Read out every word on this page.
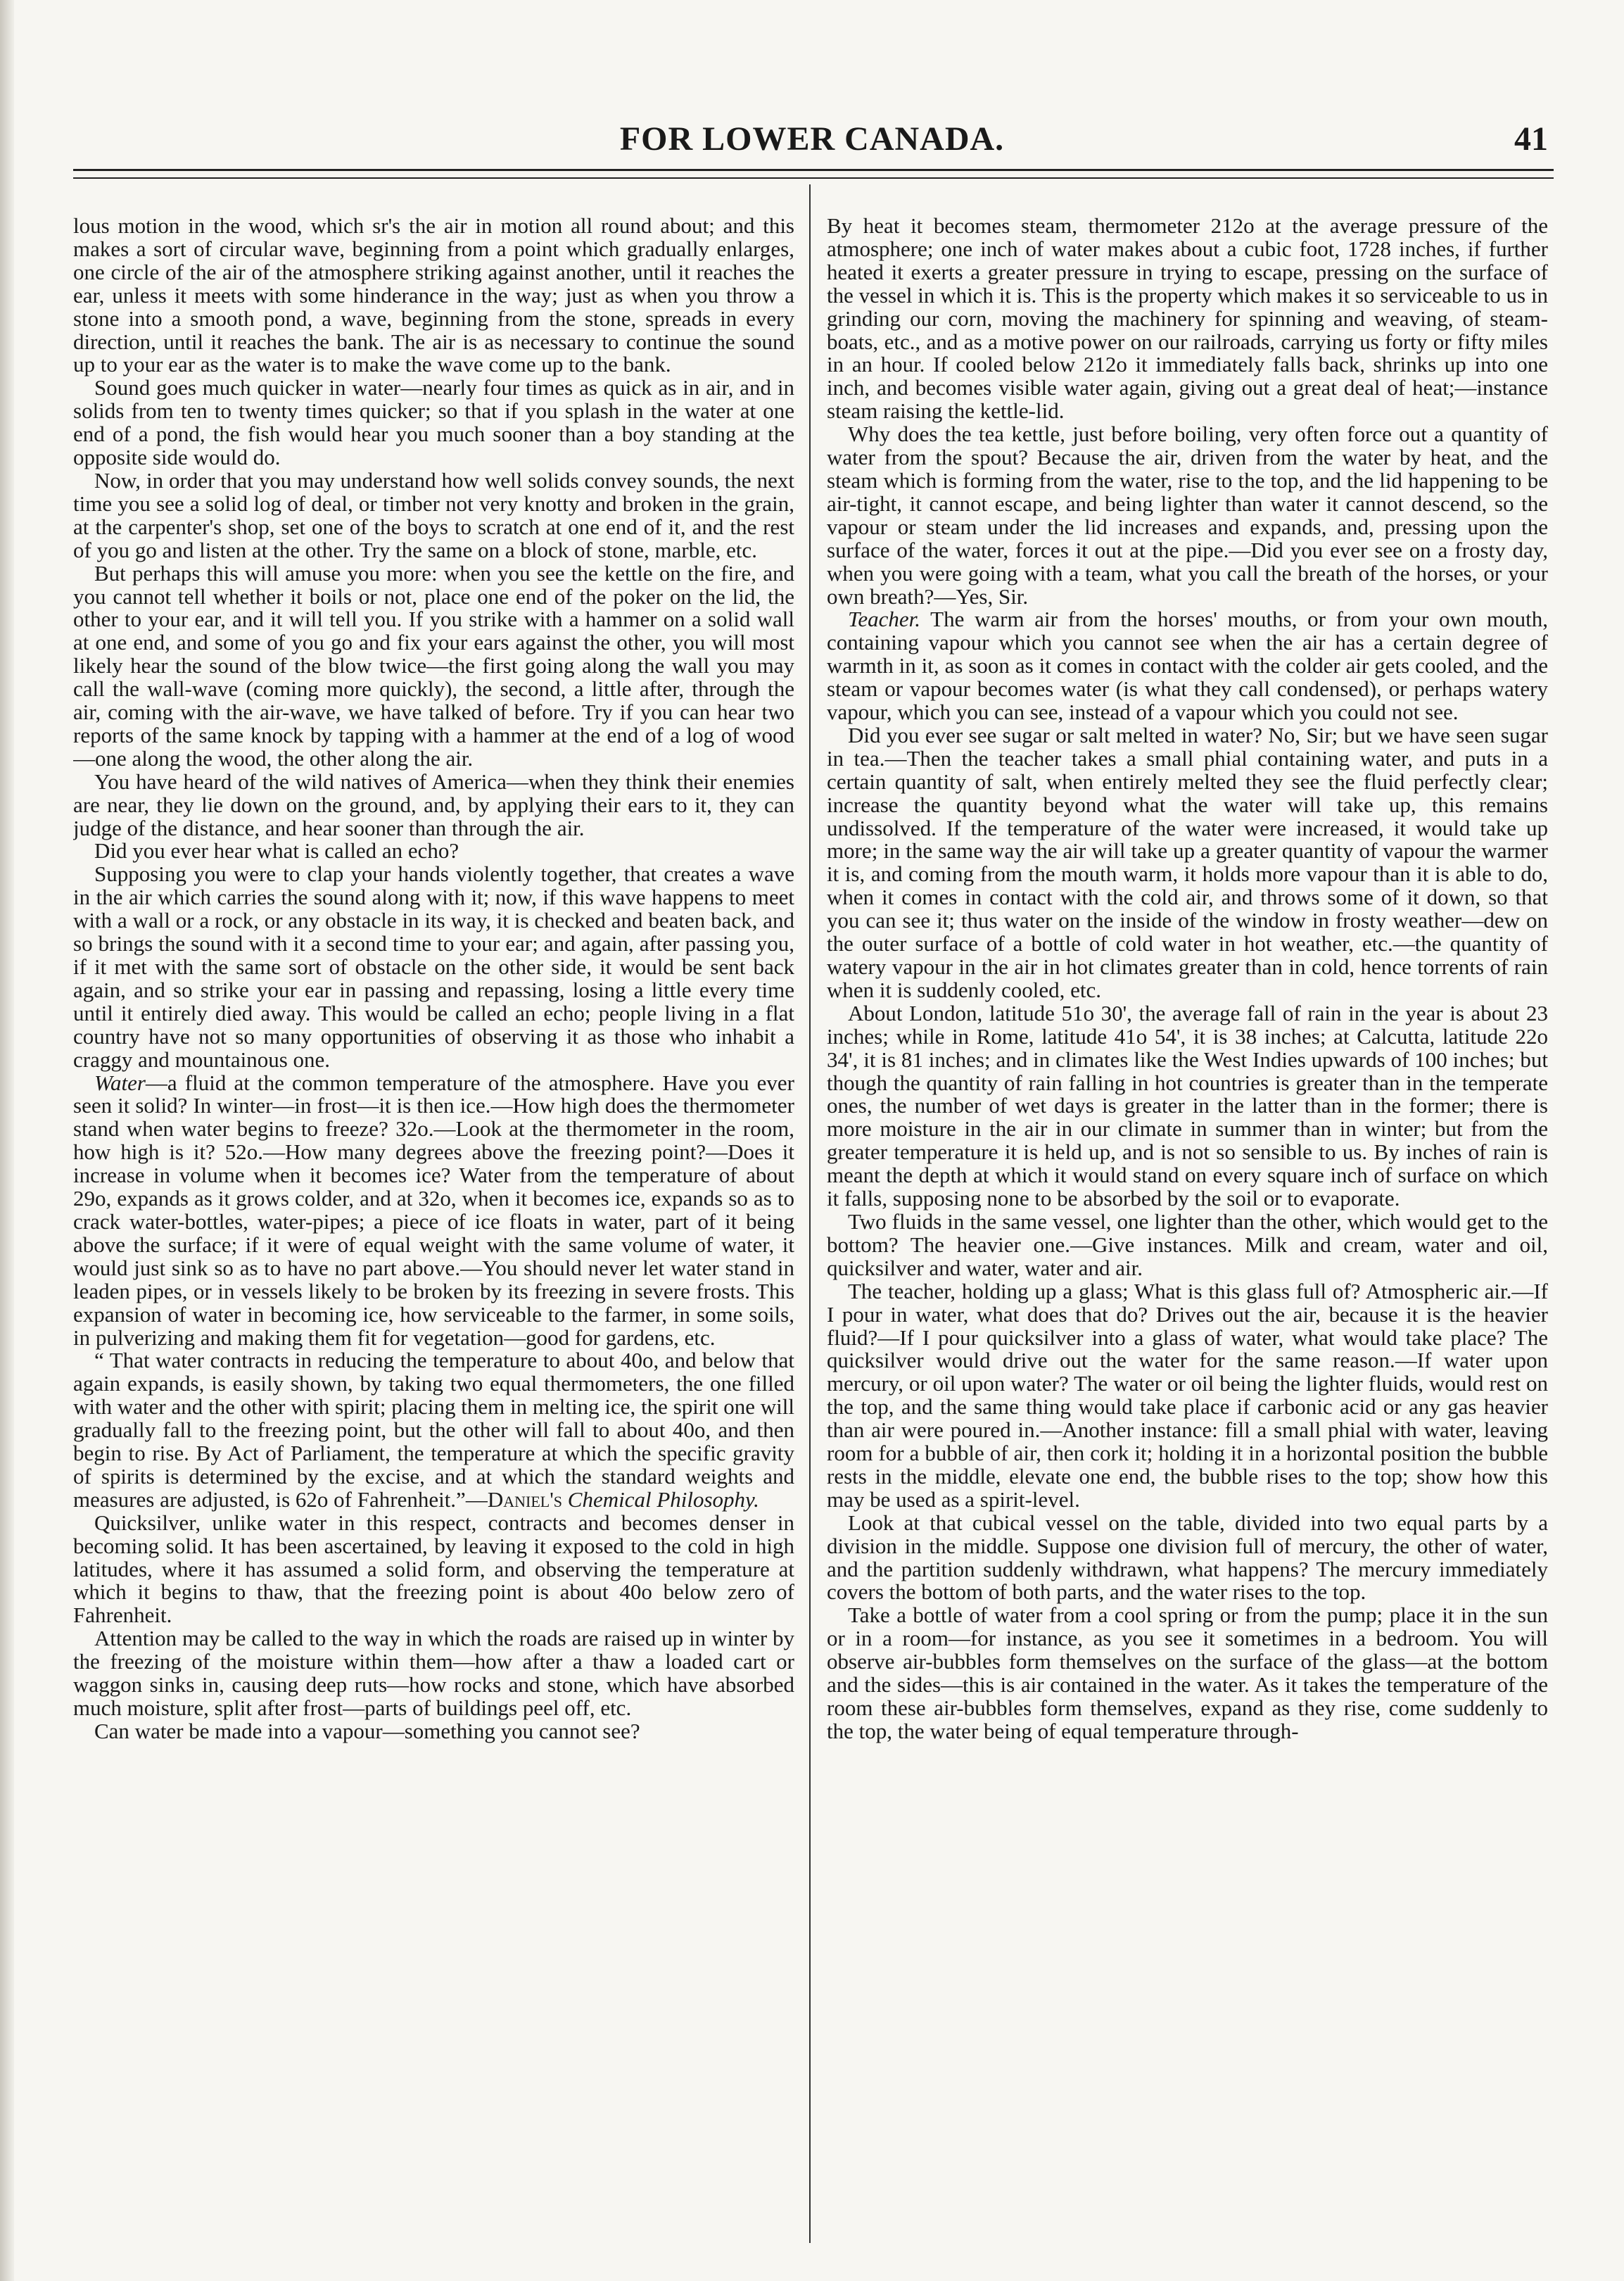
FOR LOWER CANADA.	41

lous motion in the wood, which sr's the air in motion all round about; and this makes a sort of circular wave, beginning from a point which gradually enlarges, one circle of the air of the atmosphere striking against another, until it reaches the ear, unless it meets with some hinderance in the way; just as when you throw a stone into a smooth pond, a wave, beginning from the stone, spreads in every direction, until it reaches the bank. The air is as necessary to continue the sound up to your ear as the water is to make the wave come up to the bank.

Sound goes much quicker in water—nearly four times as quick as in air, and in solids from ten to twenty times quicker; so that if you splash in the water at one end of a pond, the fish would hear you much sooner than a boy standing at the opposite side would do.

Now, in order that you may understand how well solids convey sounds, the next time you see a solid log of deal, or timber not very knotty and broken in the grain, at the carpenter's shop, set one of the boys to scratch at one end of it, and the rest of you go and listen at the other. Try the same on a block of stone, marble, etc.

But perhaps this will amuse you more: when you see the kettle on the fire, and you cannot tell whether it boils or not, place one end of the poker on the lid, the other to your ear, and it will tell you. If you strike with a hammer on a solid wall at one end, and some of you go and fix your ears against the other, you will most likely hear the sound of the blow twice—the first going along the wall you may call the wall-wave (coming more quickly), the second, a little after, through the air, coming with the air-wave, we have talked of before. Try if you can hear two reports of the same knock by tapping with a hammer at the end of a log of wood—one along the wood, the other along the air.

You have heard of the wild natives of America—when they think their enemies are near, they lie down on the ground, and, by applying their ears to it, they can judge of the distance, and hear sooner than through the air.

Did you ever hear what is called an echo?

Supposing you were to clap your hands violently together, that creates a wave in the air which carries the sound along with it; now, if this wave happens to meet with a wall or a rock, or any obstacle in its way, it is checked and beaten back, and so brings the sound with it a second time to your ear; and again, after passing you, if it met with the same sort of obstacle on the other side, it would be sent back again, and so strike your ear in passing and repassing, losing a little every time until it entirely died away. This would be called an echo; people living in a flat country have not so many opportunities of observing it as those who inhabit a craggy and mountainous one.

Water—a fluid at the common temperature of the atmosphere. Have you ever seen it solid? In winter—in frost—it is then ice.—How high does the thermometer stand when water begins to freeze? 32o.—Look at the thermometer in the room, how high is it? 52o.—How many degrees above the freezing point?—Does it increase in volume when it becomes ice? Water from the temperature of about 29o, expands as it grows colder, and at 32o, when it becomes ice, expands so as to crack water-bottles, water-pipes; a piece of ice floats in water, part of it being above the surface; if it were of equal weight with the same volume of water, it would just sink so as to have no part above.—You should never let water stand in leaden pipes, or in vessels likely to be broken by its freezing in severe frosts. This expansion of water in becoming ice, how serviceable to the farmer, in some soils, in pulverizing and making them fit for vegetation—good for gardens, etc.

“ That water contracts in reducing the temperature to about 40o, and below that again expands, is easily shown, by taking two equal thermometers, the one filled with water and the other with spirit; placing them in melting ice, the spirit one will gradually fall to the freezing point, but the other will fall to about 40o, and then begin to rise. By Act of Parliament, the temperature at which the specific gravity of spirits is determined by the excise, and at which the standard weights and measures are adjusted, is 62o of Fahrenheit.”—Daniel's Chemical Philosophy.

Quicksilver, unlike water in this respect, contracts and becomes denser in becoming solid. It has been ascertained, by leaving it exposed to the cold in high latitudes, where it has assumed a solid form, and observing the temperature at which it begins to thaw, that the freezing point is about 40o below zero of Fahrenheit.

Attention may be called to the way in which the roads are raised up in winter by the freezing of the moisture within them—how after a thaw a loaded cart or waggon sinks in, causing deep ruts—how rocks and stone, which have absorbed much moisture, split after frost—parts of buildings peel off, etc.

Can water be made into a vapour—something you cannot see?

By heat it becomes steam, thermometer 212o at the average pressure of the atmosphere; one inch of water makes about a cubic foot, 1728 inches, if further heated it exerts a greater pressure in trying to escape, pressing on the surface of the vessel in which it is. This is the property which makes it so serviceable to us in grinding our corn, moving the machinery for spinning and weaving, of steam-boats, etc., and as a motive power on our railroads, carrying us forty or fifty miles in an hour. If cooled below 212o it immediately falls back, shrinks up into one inch, and becomes visible water again, giving out a great deal of heat;—instance steam raising the kettle-lid.

Why does the tea kettle, just before boiling, very often force out a quantity of water from the spout? Because the air, driven from the water by heat, and the steam which is forming from the water, rise to the top, and the lid happening to be air-tight, it cannot escape, and being lighter than water it cannot descend, so the vapour or steam under the lid increases and expands, and, pressing upon the surface of the water, forces it out at the pipe.—Did you ever see on a frosty day, when you were going with a team, what you call the breath of the horses, or your own breath?—Yes, Sir.

Teacher. The warm air from the horses' mouths, or from your own mouth, containing vapour which you cannot see when the air has a certain degree of warmth in it, as soon as it comes in contact with the colder air gets cooled, and the steam or vapour becomes water (is what they call condensed), or perhaps watery vapour, which you can see, instead of a vapour which you could not see.

Did you ever see sugar or salt melted in water? No, Sir; but we have seen sugar in tea.—Then the teacher takes a small phial containing water, and puts in a certain quantity of salt, when entirely melted they see the fluid perfectly clear; increase the quantity beyond what the water will take up, this remains undissolved. If the temperature of the water were increased, it would take up more; in the same way the air will take up a greater quantity of vapour the warmer it is, and coming from the mouth warm, it holds more vapour than it is able to do, when it comes in contact with the cold air, and throws some of it down, so that you can see it; thus water on the inside of the window in frosty weather—dew on the outer surface of a bottle of cold water in hot weather, etc.—the quantity of watery vapour in the air in hot climates greater than in cold, hence torrents of rain when it is suddenly cooled, etc.

About London, latitude 51o 30', the average fall of rain in the year is about 23 inches; while in Rome, latitude 41o 54', it is 38 inches; at Calcutta, latitude 22o 34', it is 81 inches; and in climates like the West Indies upwards of 100 inches; but though the quantity of rain falling in hot countries is greater than in the temperate ones, the number of wet days is greater in the latter than in the former; there is more moisture in the air in our climate in summer than in winter; but from the greater temperature it is held up, and is not so sensible to us. By inches of rain is meant the depth at which it would stand on every square inch of surface on which it falls, supposing none to be absorbed by the soil or to evaporate.

Two fluids in the same vessel, one lighter than the other, which would get to the bottom? The heavier one.—Give instances. Milk and cream, water and oil, quicksilver and water, water and air.

The teacher, holding up a glass; What is this glass full of? Atmospheric air.—If I pour in water, what does that do? Drives out the air, because it is the heavier fluid?—If I pour quicksilver into a glass of water, what would take place? The quicksilver would drive out the water for the same reason.—If water upon mercury, or oil upon water? The water or oil being the lighter fluids, would rest on the top, and the same thing would take place if carbonic acid or any gas heavier than air were poured in.—Another instance: fill a small phial with water, leaving room for a bubble of air, then cork it; holding it in a horizontal position the bubble rests in the middle, elevate one end, the bubble rises to the top; show how this may be used as a spirit-level.

Look at that cubical vessel on the table, divided into two equal parts by a division in the middle. Suppose one division full of mercury, the other of water, and the partition suddenly withdrawn, what happens? The mercury immediately covers the bottom of both parts, and the water rises to the top.

Take a bottle of water from a cool spring or from the pump; place it in the sun or in a room—for instance, as you see it sometimes in a bedroom. You will observe air-bubbles form themselves on the surface of the glass—at the bottom and the sides—this is air contained in the water. As it takes the temperature of the room these air-bubbles form themselves, expand as they rise, come suddenly to the top, the water being of equal temperature through-
